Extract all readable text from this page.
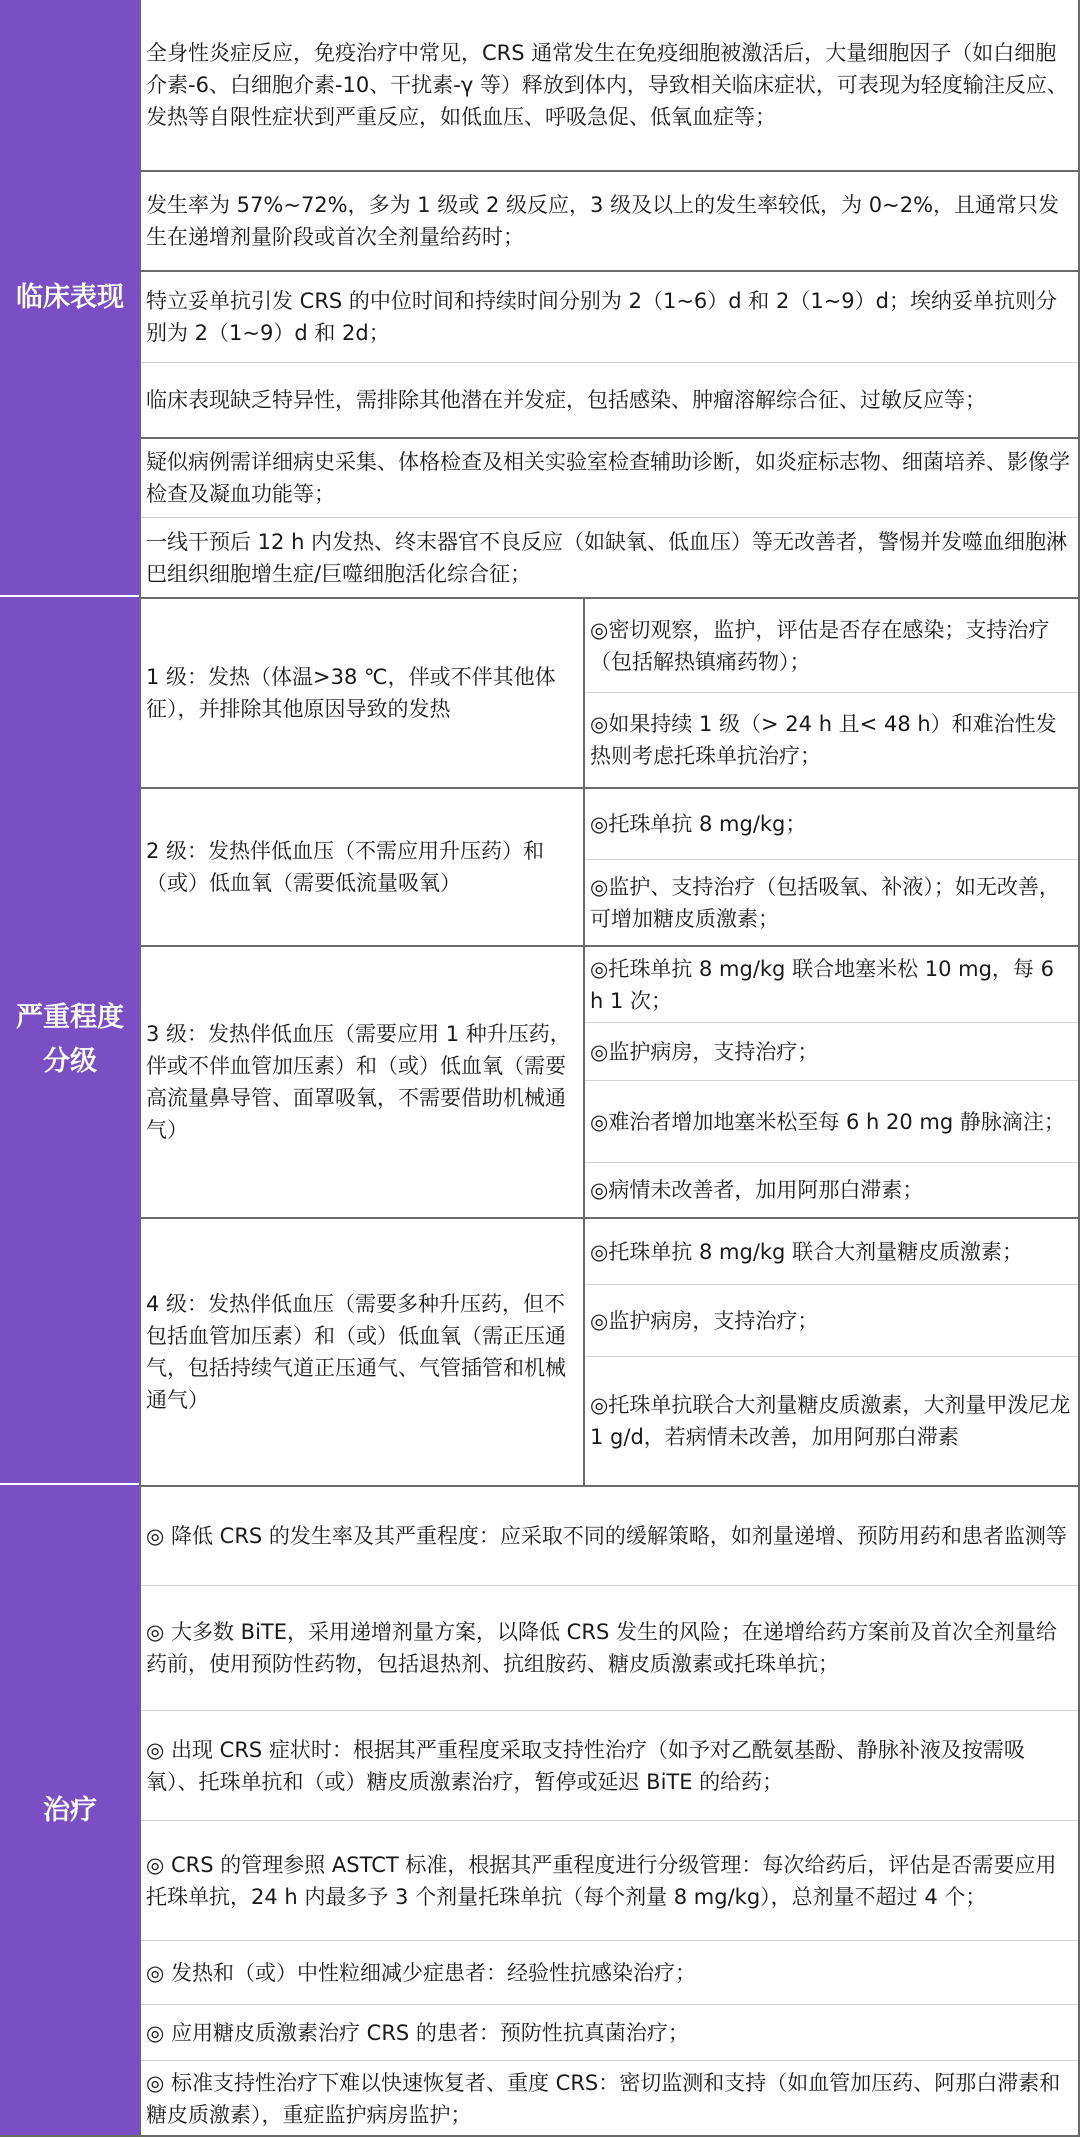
临床表现
全身性炎症反应，免疫治疗中常见，CRS 通常发生在免疫细胞被激活后，大量细胞因子（如白细胞介素-6、白细胞介素-10、干扰素-γ 等）释放到体内，导致相关临床症状，可表现为轻度输注反应、发热等自限性症状到严重反应，如低血压、呼吸急促、低氧血症等；
发生率为 57%~72%，多为 1 级或 2 级反应，3 级及以上的发生率较低，为 0~2%，且通常只发生在递增剂量阶段或首次全剂量给药时；
特立妥单抗引发 CRS 的中位时间和持续时间分别为 2（1~6）d 和 2（1~9）d；埃纳妥单抗则分别为 2（1~9）d 和 2d；
临床表现缺乏特异性，需排除其他潜在并发症，包括感染、肿瘤溶解综合征、过敏反应等；
疑似病例需详细病史采集、体格检查及相关实验室检查辅助诊断，如炎症标志物、细菌培养、影像学检查及凝血功能等；
一线干预后 12 h 内发热、终末器官不良反应（如缺氧、低血压）等无改善者，警惕并发噬血细胞淋巴组织细胞增生症/巨噬细胞活化综合征；
严重程度分级
1 级：发热（体温>38 ℃，伴或不伴其他体征），并排除其他原因导致的发热
◎密切观察，监护，评估是否存在感染；支持治疗（包括解热镇痛药物）；
◎如果持续 1 级（> 24 h 且< 48 h）和难治性发热则考虑托珠单抗治疗；
2 级：发热伴低血压（不需应用升压药）和（或）低血氧（需要低流量吸氧）
◎托珠单抗 8 mg/kg；
◎监护、支持治疗（包括吸氧、补液）；如无改善，可增加糖皮质激素；
3 级：发热伴低血压（需要应用 1 种升压药，伴或不伴血管加压素）和（或）低血氧（需要高流量鼻导管、面罩吸氧，不需要借助机械通气）
◎托珠单抗 8 mg/kg 联合地塞米松 10 mg，每 6 h 1 次；
◎监护病房，支持治疗；
◎难治者增加地塞米松至每 6 h 20 mg 静脉滴注；
◎病情未改善者，加用阿那白滞素；
4 级：发热伴低血压（需要多种升压药，但不包括血管加压素）和（或）低血氧（需正压通气，包括持续气道正压通气、气管插管和机械通气）
◎托珠单抗 8 mg/kg 联合大剂量糖皮质激素；
◎监护病房，支持治疗；
◎托珠单抗联合大剂量糖皮质激素，大剂量甲泼尼龙 1 g/d，若病情未改善，加用阿那白滞素
治疗
◎ 降低 CRS 的发生率及其严重程度：应采取不同的缓解策略，如剂量递增、预防用药和患者监测等
◎ 大多数 BiTE，采用递增剂量方案，以降低 CRS 发生的风险；在递增给药方案前及首次全剂量给药前，使用预防性药物，包括退热剂、抗组胺药、糖皮质激素或托珠单抗；
◎ 出现 CRS 症状时：根据其严重程度采取支持性治疗（如予对乙酰氨基酚、静脉补液及按需吸氧）、托珠单抗和（或）糖皮质激素治疗，暂停或延迟 BiTE 的给药；
◎ CRS 的管理参照 ASTCT 标准，根据其严重程度进行分级管理：每次给药后，评估是否需要应用托珠单抗，24 h 内最多予 3 个剂量托珠单抗（每个剂量 8 mg/kg），总剂量不超过 4 个；
◎ 发热和（或）中性粒细减少症患者：经验性抗感染治疗；
◎ 应用糖皮质激素治疗 CRS 的患者：预防性抗真菌治疗；
◎ 标准支持性治疗下难以快速恢复者、重度 CRS：密切监测和支持（如血管加压药、阿那白滞素和糖皮质激素），重症监护病房监护；
